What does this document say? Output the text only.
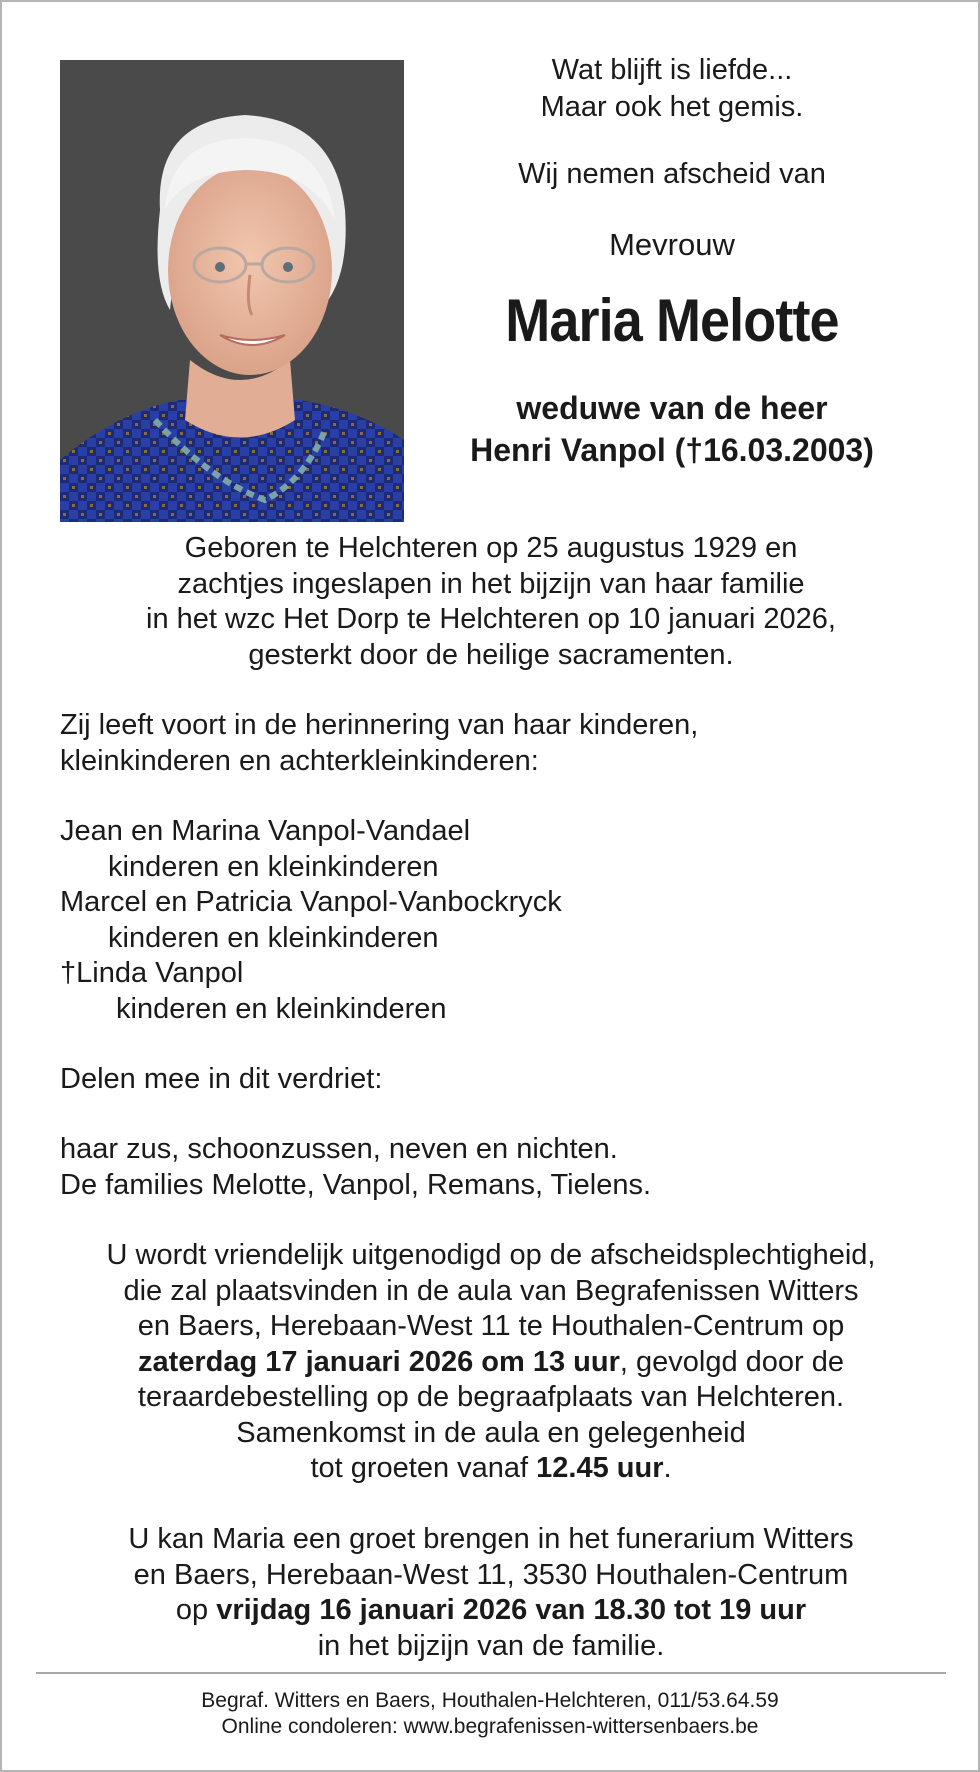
Wat blijft is liefde...
Maar ook het gemis.

Wij nemen afscheid van

Mevrouw

Maria Melotte

weduwe van de heer
Henri Vanpol (†16.03.2003)

Geboren te Helchteren op 25 augustus 1929 en
zachtjes ingeslapen in het bijzijn van haar familie
in het wzc Het Dorp te Helchteren op 10 januari 2026,
gesterkt door de heilige sacramenten.
Zij leeft voort in de herinnering van haar kinderen,
kleinkinderen en achterkleinkinderen:
Jean en Marina Vanpol-Vandael
kinderen en kleinkinderen
Marcel en Patricia Vanpol-Vanbockryck
kinderen en kleinkinderen
†Linda Vanpol
kinderen en kleinkinderen
Delen mee in dit verdriet:
haar zus, schoonzussen, neven en nichten.
De families Melotte, Vanpol, Remans, Tielens.
U wordt vriendelijk uitgenodigd op de afscheidsplechtigheid,
die zal plaatsvinden in de aula van Begrafenissen Witters
en Baers, Herebaan-West 11 te Houthalen-Centrum op
zaterdag 17 januari 2026 om 13 uur, gevolgd door de
teraardebestelling op de begraafplaats van Helchteren.
Samenkomst in de aula en gelegenheid
tot groeten vanaf 12.45 uur.
U kan Maria een groet brengen in het funerarium Witters
en Baers, Herebaan-West 11, 3530 Houthalen-Centrum
op vrijdag 16 januari 2026 van 18.30 tot 19 uur
in het bijzijn van de familie.
Begraf. Witters en Baers, Houthalen-Helchteren, 011/53.64.59
Online condoleren: www.begrafenissen-wittersenbaers.be
